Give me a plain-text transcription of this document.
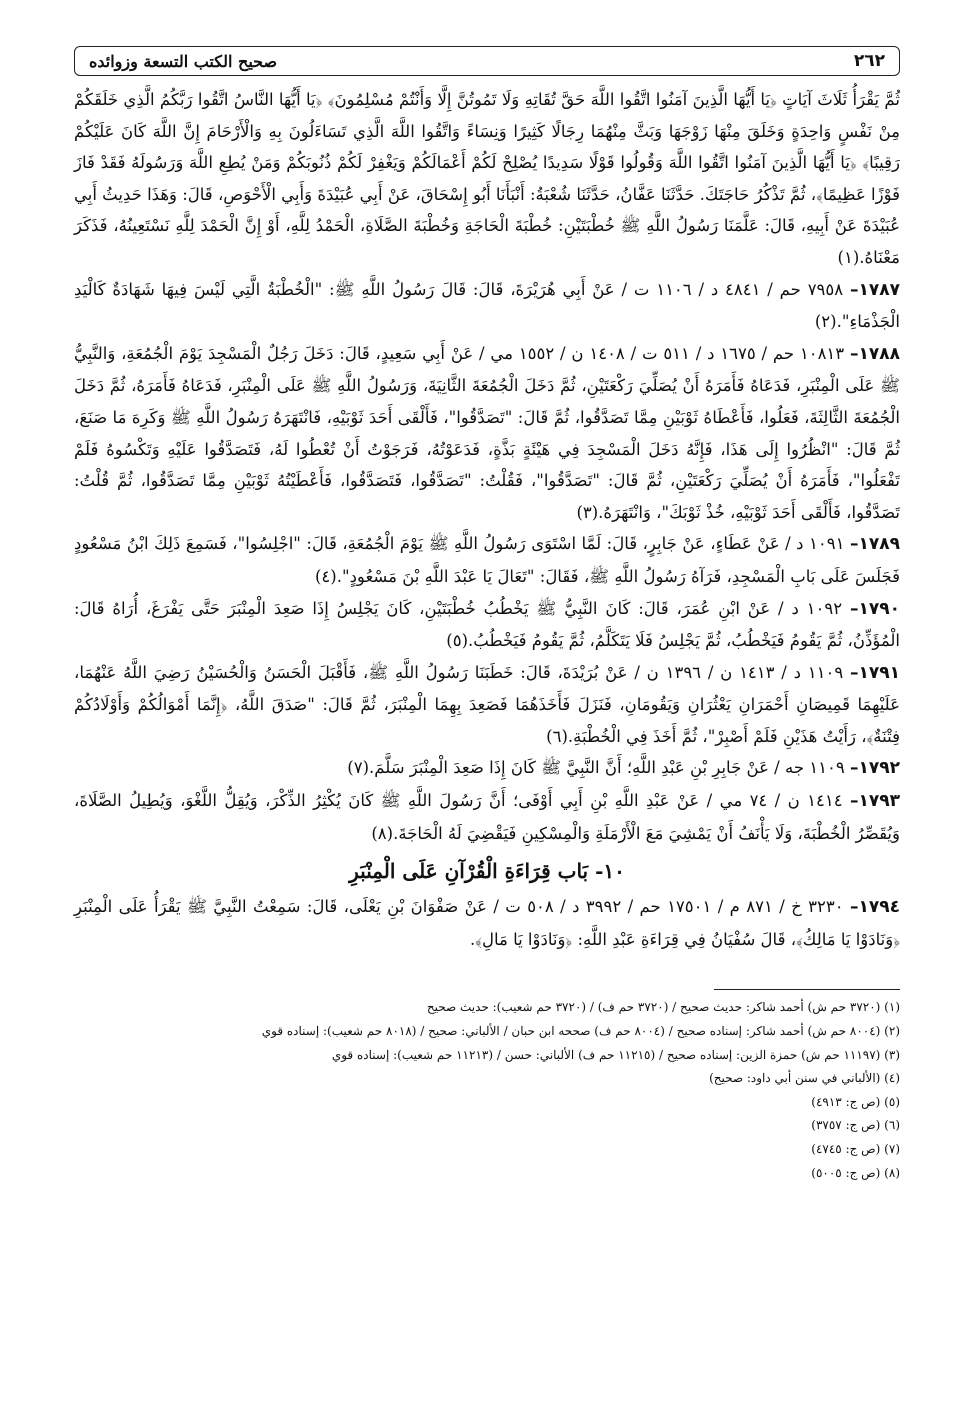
٢٦٢
صحيح الكتب التسعة وزوائده

ثُمَّ يَقْرَأُ ثَلَاثَ آيَاتٍ ﴿يَا أَيُّهَا الَّذِينَ آمَنُوا اتَّقُوا اللَّهَ حَقَّ تُقَاتِهِ وَلَا تَمُوتُنَّ إِلَّا وَأَنْتُمْ مُسْلِمُونَ﴾ ﴿يَا أَيُّهَا النَّاسُ اتَّقُوا رَبَّكُمُ الَّذِي خَلَقَكُمْ مِنْ نَفْسٍ وَاحِدَةٍ وَخَلَقَ مِنْهَا زَوْجَهَا وَبَثَّ مِنْهُمَا رِجَالًا كَثِيرًا وَنِسَاءً وَاتَّقُوا اللَّهَ الَّذِي تَسَاءَلُونَ بِهِ وَالْأَرْحَامَ إِنَّ اللَّهَ كَانَ عَلَيْكُمْ رَقِيبًا﴾ ﴿يَا أَيُّهَا الَّذِينَ آمَنُوا اتَّقُوا اللَّهَ وَقُولُوا قَوْلًا سَدِيدًا يُصْلِحْ لَكُمْ أَعْمَالَكُمْ وَيَغْفِرْ لَكُمْ ذُنُوبَكُمْ وَمَنْ يُطِعِ اللَّهَ وَرَسُولَهُ فَقَدْ فَازَ فَوْزًا عَظِيمًا﴾، ثُمَّ تَذْكُرُ حَاجَتَكَ. حَدَّثَنَا عَفَّانُ، حَدَّثَنَا شُعْبَةُ: أَنْبَأَنَا أَبُو إِسْحَاقَ، عَنْ أَبِي عُبَيْدَةَ وَأَبِي الْأَحْوَصِ، قَالَ: وَهَذَا حَدِيثُ أَبِي عُبَيْدَةَ عَنْ أَبِيهِ، قَالَ: عَلَّمَنَا رَسُولُ اللَّهِ ﷺ خُطْبَتَيْنِ: خُطْبَةَ الْحَاجَةِ وَخُطْبَةَ الصَّلَاةِ، الْحَمْدُ لِلَّهِ، أَوْ إِنَّ الْحَمْدَ لِلَّهِ نَسْتَعِينُهُ، فَذَكَرَ مَعْنَاهُ.(١)

١٧٨٧– ٧٩٥٨ حم / ٤٨٤١ د / ١١٠٦ ت / عَنْ أَبِي هُرَيْرَةَ، قَالَ: قَالَ رَسُولُ اللَّهِ ﷺ: "الْخُطْبَةُ الَّتِي لَيْسَ فِيهَا شَهَادَةٌ كَالْيَدِ الْجَذْمَاءِ".(٢)

١٧٨٨– ١٠٨١٣ حم / ١٦٧٥ د / ٥١١ ت / ١٤٠٨ ن / ١٥٥٢ مي / عَنْ أَبِي سَعِيدٍ، قَالَ: دَخَلَ رَجُلٌ الْمَسْجِدَ يَوْمَ الْجُمُعَةِ، وَالنَّبِيُّ ﷺ عَلَى الْمِنْبَرِ، فَدَعَاهُ فَأَمَرَهُ أَنْ يُصَلِّيَ رَكْعَتَيْنِ، ثُمَّ دَخَلَ الْجُمُعَةَ الثَّانِيَةَ، وَرَسُولُ اللَّهِ ﷺ عَلَى الْمِنْبَرِ، فَدَعَاهُ فَأَمَرَهُ، ثُمَّ دَخَلَ الْجُمُعَةَ الثَّالِثَةَ، فَعَلُوا، فَأَعْطَاهُ ثَوْبَيْنِ مِمَّا تَصَدَّقُوا، ثُمَّ قَالَ: "تَصَدَّقُوا"، فَأَلْقَى أَحَدَ ثَوْبَيْهِ، فَانْتَهَرَهُ رَسُولُ اللَّهِ ﷺ وَكَرِهَ مَا صَنَعَ، ثُمَّ قَالَ: "انْظُرُوا إِلَى هَذَا، فَإِنَّهُ دَخَلَ الْمَسْجِدَ فِي هَيْئَةٍ بَذَّةٍ، فَدَعَوْتُهُ، فَرَجَوْتُ أَنْ تُعْطُوا لَهُ، فَتَصَدَّقُوا عَلَيْهِ وَتَكْسُوهُ فَلَمْ تَفْعَلُوا"، فَأَمَرَهُ أَنْ يُصَلِّيَ رَكْعَتَيْنِ، ثُمَّ قَالَ: "تَصَدَّقُوا"، فَقُلْتُ: "تَصَدَّقُوا، فَتَصَدَّقُوا، فَأَعْطَيْتُهُ ثَوْبَيْنِ مِمَّا تَصَدَّقُوا، ثُمَّ قُلْتُ: تَصَدَّقُوا، فَأَلْقَى أَحَدَ ثَوْبَيْهِ، خُذْ ثَوْبَكَ"، وَانْتَهَرَهُ.(٣)

١٧٨٩– ١٠٩١ د / عَنْ عَطَاءٍ، عَنْ جَابِرٍ، قَالَ: لَمَّا اسْتَوَى رَسُولُ اللَّهِ ﷺ يَوْمَ الْجُمُعَةِ، قَالَ: "اجْلِسُوا"، فَسَمِعَ ذَلِكَ ابْنُ مَسْعُودٍ فَجَلَسَ عَلَى بَابِ الْمَسْجِدِ، فَرَآهُ رَسُولُ اللَّهِ ﷺ، فَقَالَ: "تَعَالَ يَا عَبْدَ اللَّهِ بْنَ مَسْعُودٍ".(٤)

١٧٩٠– ١٠٩٢ د / عَنْ ابْنِ عُمَرَ، قَالَ: كَانَ النَّبِيُّ ﷺ يَخْطُبُ خُطْبَتَيْنِ، كَانَ يَجْلِسُ إِذَا صَعِدَ الْمِنْبَرَ حَتَّى يَفْرَغَ، أُرَاهُ قَالَ: الْمُؤَذِّنُ، ثُمَّ يَقُومُ فَيَخْطُبُ، ثُمَّ يَجْلِسُ فَلَا يَتَكَلَّمُ، ثُمَّ يَقُومُ فَيَخْطُبُ.(٥)

١٧٩١– ١١٠٩ د / ١٤١٣ ن / ١٣٩٦ ن / عَنْ بُرَيْدَةَ، قَالَ: خَطَبَنَا رَسُولُ اللَّهِ ﷺ، فَأَقْبَلَ الْحَسَنُ وَالْحُسَيْنُ رَضِيَ اللَّهُ عَنْهُمَا، عَلَيْهِمَا قَمِيصَانِ أَحْمَرَانِ يَعْثُرَانِ وَيَقُومَانِ، فَنَزَلَ فَأَخَذَهُمَا فَصَعِدَ بِهِمَا الْمِنْبَرَ، ثُمَّ قَالَ: "صَدَقَ اللَّهُ، ﴿إِنَّمَا أَمْوَالُكُمْ وَأَوْلَادُكُمْ فِتْنَةٌ﴾، رَأَيْتُ هَذَيْنِ فَلَمْ أَصْبِرْ"، ثُمَّ أَخَذَ فِي الْخُطْبَةِ.(٦)

١٧٩٢– ١١٠٩ جه / عَنْ جَابِرِ بْنِ عَبْدِ اللَّهِ؛ أَنَّ النَّبِيَّ ﷺ كَانَ إِذَا صَعِدَ الْمِنْبَرَ سَلَّمَ.(٧)

١٧٩٣– ١٤١٤ ن / ٧٤ مي / عَنْ عَبْدِ اللَّهِ بْنِ أَبِي أَوْفَى؛ أَنَّ رَسُولَ اللَّهِ ﷺ كَانَ يُكْثِرُ الذِّكْرَ، وَيُقِلُّ اللَّغْوَ، وَيُطِيلُ الصَّلَاةَ، وَيُقَصِّرُ الْخُطْبَةَ، وَلَا يَأْنَفُ أَنْ يَمْشِيَ مَعَ الْأَرْمَلَةِ وَالْمِسْكِينِ فَيَقْضِيَ لَهُ الْحَاجَةَ.(٨)

١٠- بَاب قِرَاءَةِ الْقُرْآنِ عَلَى الْمِنْبَرِ

١٧٩٤– ٣٢٣٠ خ / ٨٧١ م / ١٧٥٠١ حم / ٣٩٩٢ د / ٥٠٨ ت / عَنْ صَفْوَانَ بْنِ يَعْلَى، قَالَ: سَمِعْتُ النَّبِيَّ ﷺ يَقْرَأُ عَلَى الْمِنْبَرِ ﴿وَنَادَوْا يَا مَالِكُ﴾، قَالَ سُفْيَانُ فِي قِرَاءَةِ عَبْدِ اللَّهِ: ﴿وَنَادَوْا يَا مَالِ﴾.

(١) (٣٧٢٠ حم ش) أحمد شاكر: حديث صحيح / (٣٧٢٠ حم ف) / (٣٧٢٠ حم شعيب): حديث صحيح
(٢) (٨٠٠٤ حم ش) أحمد شاكر: إسناده صحيح / (٨٠٠٤ حم ف) صححه ابن حبان / الألباني: صحيح / (٨٠١٨ حم شعيب): إسناده قوي
(٣) (١١١٩٧ حم ش) حمزة الزين: إسناده صحيح / (١١٢١٥ حم ف) الألباني: حسن / (١١٢١٣ حم شعيب): إسناده قوي
(٤) (الألباني في سنن أبي داود: صحيح)
(٥) (ص ج: ٤٩١٣)
(٦) (ص ج: ٣٧٥٧)
(٧) (ص ج: ٤٧٤٥)
(٨) (ص ج: ٥٠٠٥)
